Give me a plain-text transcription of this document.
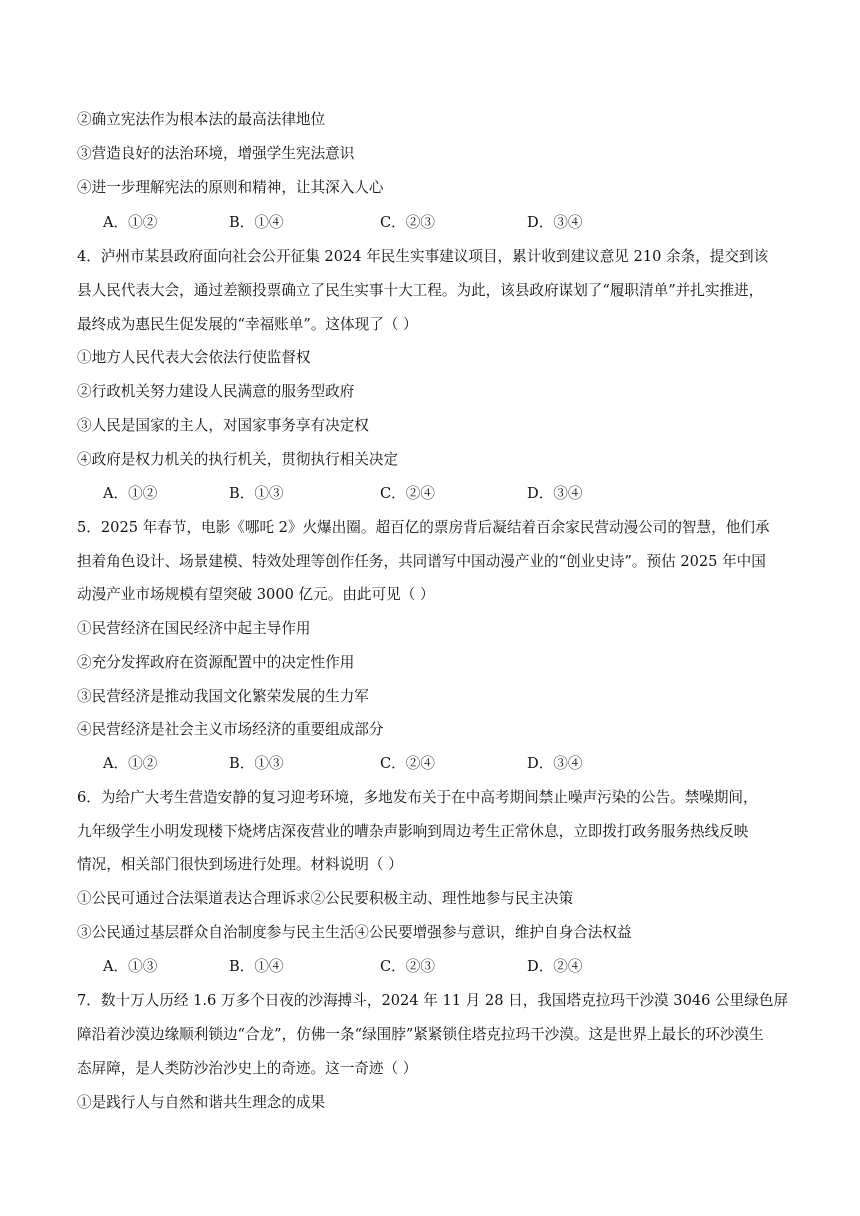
②确立宪法作为根本法的最高法律地位
③营造良好的法治环境，增强学生宪法意识
④进一步理解宪法的原则和精神，让其深入人心
A．①②	B．①④	C．②③	D．③④
4．泸州市某县政府面向社会公开征集 2024 年民生实事建议项目，累计收到建议意见 210 余条，提交到该
县人民代表大会，通过差额投票确立了民生实事十大工程。为此，该县政府谋划了“履职清单”并扎实推进，
最终成为惠民生促发展的“幸福账单”。这体现了（ ）
①地方人民代表大会依法行使监督权
②行政机关努力建设人民满意的服务型政府
③人民是国家的主人，对国家事务享有决定权
④政府是权力机关的执行机关，贯彻执行相关决定
A．①②	B．①③	C．②④	D．③④
5．2025 年春节，电影《哪吒 2》火爆出圈。超百亿的票房背后凝结着百余家民营动漫公司的智慧，他们承
担着角色设计、场景建模、特效处理等创作任务，共同谱写中国动漫产业的“创业史诗”。预估 2025 年中国
动漫产业市场规模有望突破 3000 亿元。由此可见（ ）
①民营经济在国民经济中起主导作用
②充分发挥政府在资源配置中的决定性作用
③民营经济是推动我国文化繁荣发展的生力军
④民营经济是社会主义市场经济的重要组成部分
A．①②	B．①③	C．②④	D．③④
6．为给广大考生营造安静的复习迎考环境，多地发布关于在中高考期间禁止噪声污染的公告。禁噪期间，
九年级学生小明发现楼下烧烤店深夜营业的嘈杂声影响到周边考生正常休息，立即拨打政务服务热线反映
情况，相关部门很快到场进行处理。材料说明（ ）
①公民可通过合法渠道表达合理诉求②公民要积极主动、理性地参与民主决策
③公民通过基层群众自治制度参与民主生活④公民要增强参与意识，维护自身合法权益
A．①③	B．①④	C．②③	D．②④
7．数十万人历经 1.6 万多个日夜的沙海搏斗，2024 年 11 月 28 日，我国塔克拉玛干沙漠 3046 公里绿色屏
障沿着沙漠边缘顺利锁边“合龙”，仿佛一条“绿围脖”紧紧锁住塔克拉玛干沙漠。这是世界上最长的环沙漠生
态屏障，是人类防沙治沙史上的奇迹。这一奇迹（ ）
①是践行人与自然和谐共生理念的成果
